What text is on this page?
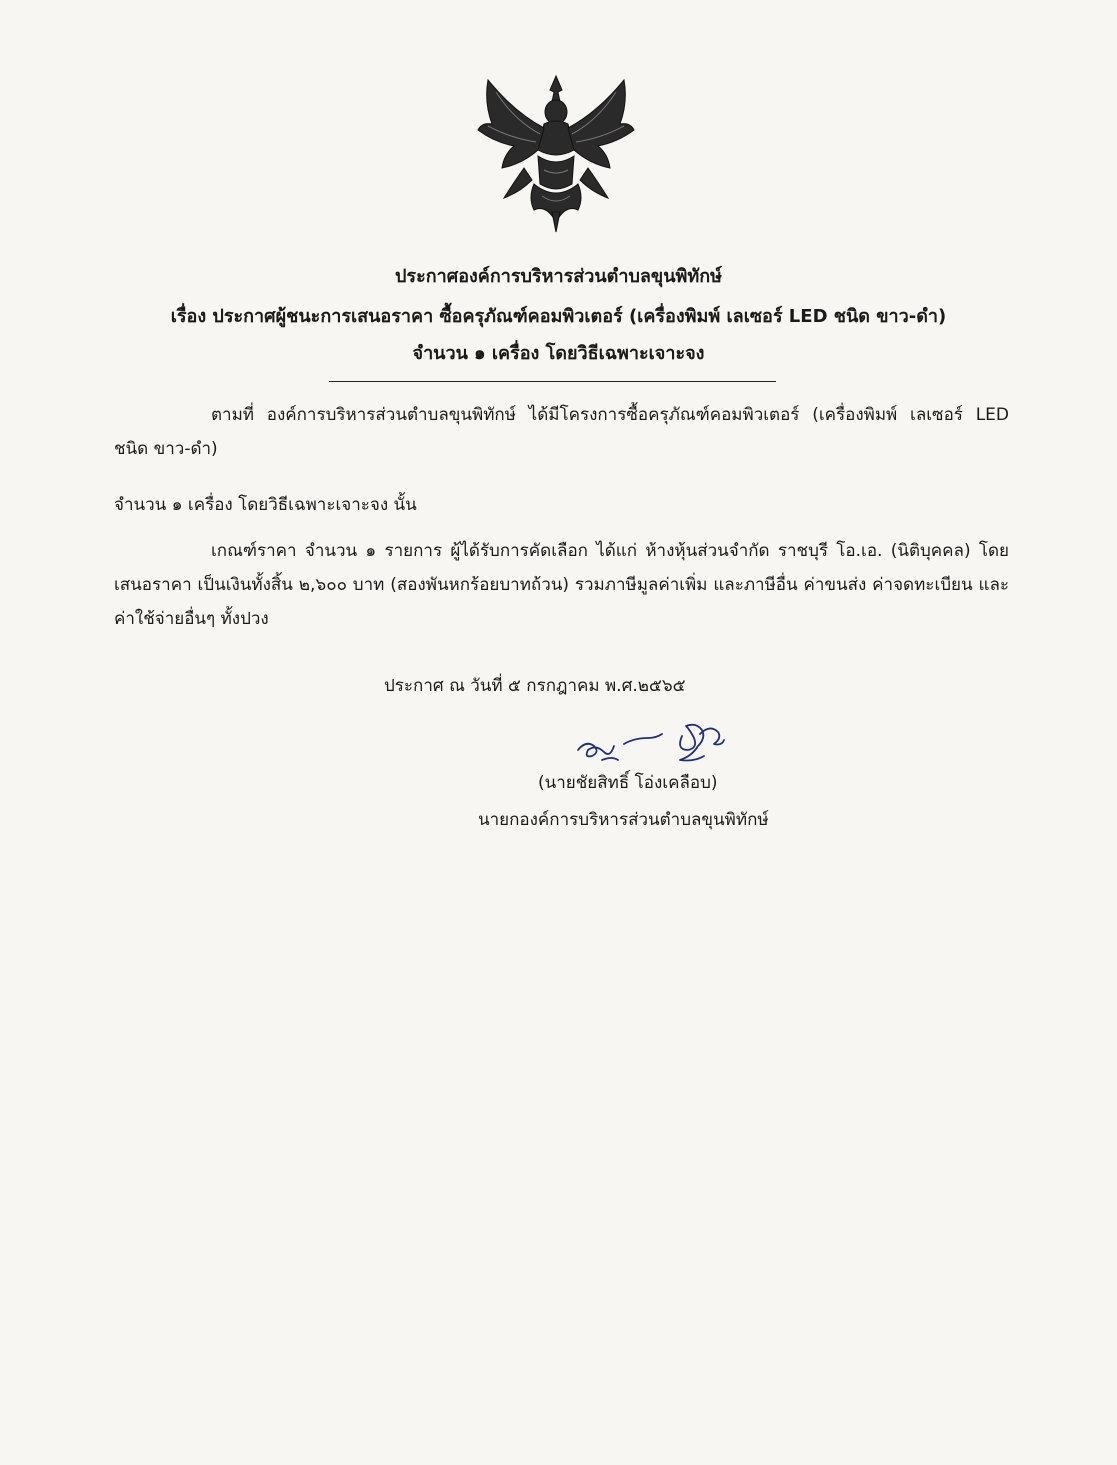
ประกาศองค์การบริหารส่วนตำบลขุนพิทักษ์
เรื่อง ประกาศผู้ชนะการเสนอราคา ซื้อครุภัณฑ์คอมพิวเตอร์ (เครื่องพิมพ์ เลเซอร์ LED ชนิด ขาว-ดำ)
จำนวน ๑ เครื่อง โดยวิธีเฉพาะเจาะจง
ตามที่ องค์การบริหารส่วนตำบลขุนพิทักษ์ ได้มีโครงการซื้อครุภัณฑ์คอมพิวเตอร์ (เครื่องพิมพ์ เลเซอร์ LED ชนิด ขาว-ดำ)
จำนวน ๑ เครื่อง โดยวิธีเฉพาะเจาะจง นั้น
เกณฑ์ราคา จำนวน ๑ รายการ ผู้ได้รับการคัดเลือก ได้แก่ ห้างหุ้นส่วนจำกัด ราชบุรี โอ.เอ. (นิติบุคคล) โดยเสนอราคา เป็นเงินทั้งสิ้น ๒,๖๐๐ บาท (สองพันหกร้อยบาทถ้วน) รวมภาษีมูลค่าเพิ่ม และภาษีอื่น ค่าขนส่ง ค่าจดทะเบียน และค่าใช้จ่ายอื่นๆ ทั้งปวง
ประกาศ ณ วันที่ ๕ กรกฎาคม พ.ศ.๒๕๖๕
(นายชัยสิทธิ์ โอ่งเคลือบ)
นายกองค์การบริหารส่วนตำบลขุนพิทักษ์
